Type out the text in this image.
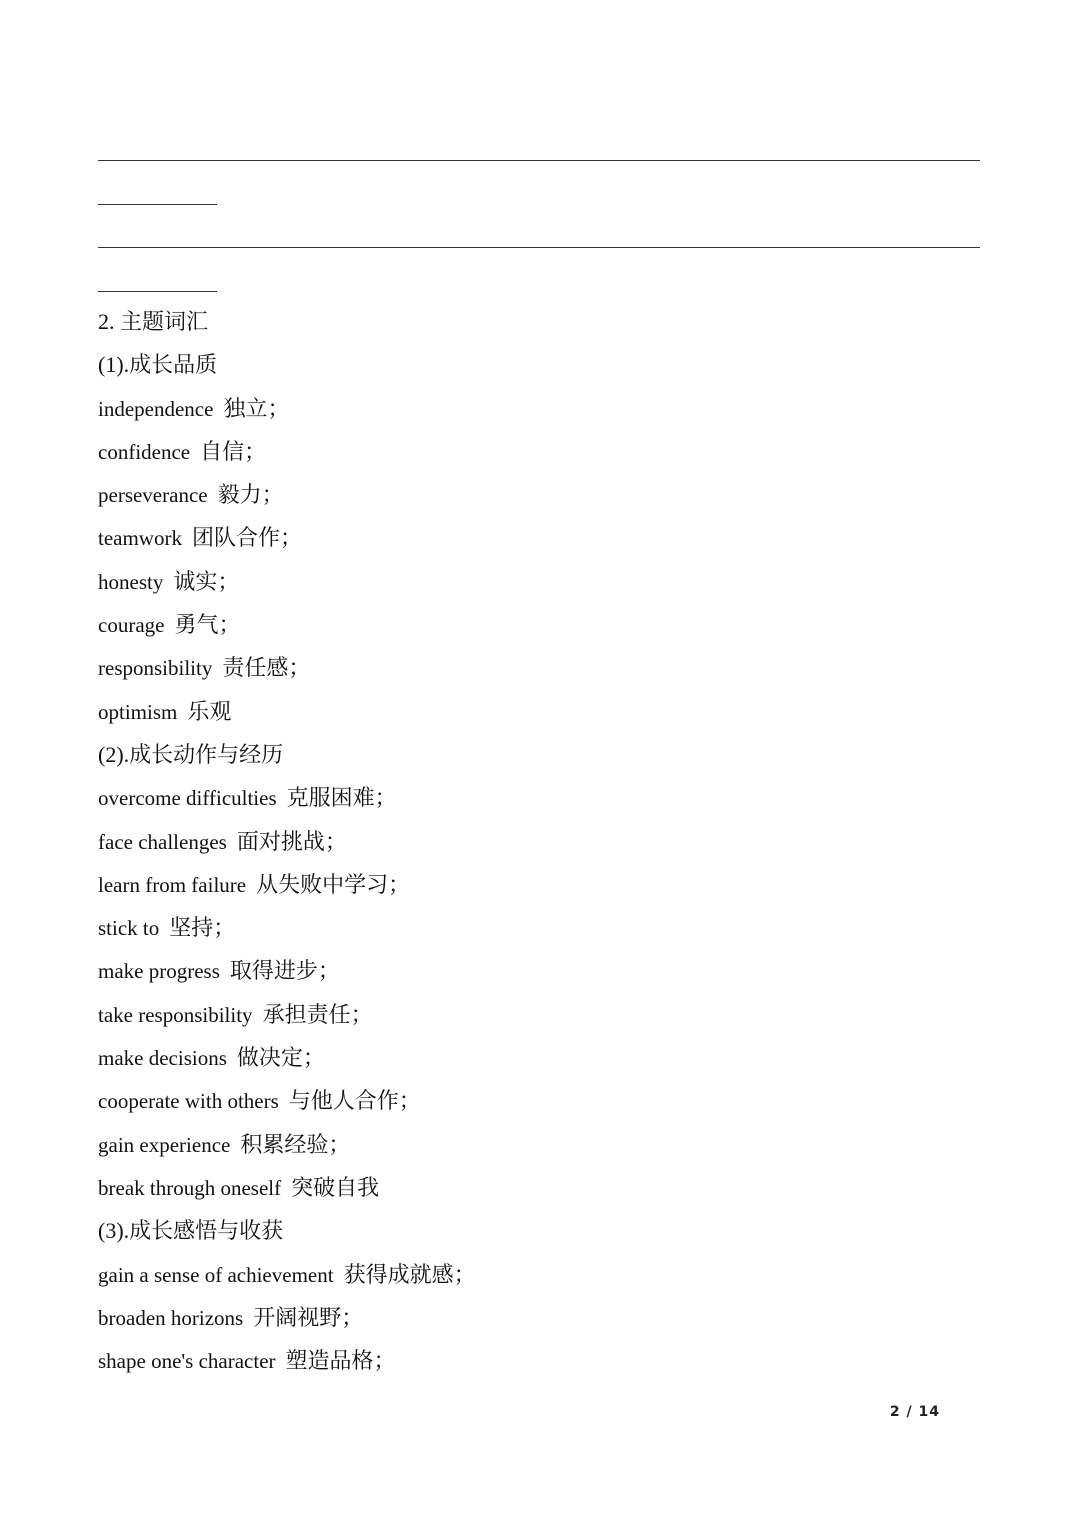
2. 主题词汇
(1).成长品质
independence 独立；
confidence 自信；
perseverance 毅力；
teamwork 团队合作；
honesty 诚实；
courage 勇气；
responsibility 责任感；
optimism 乐观
(2).成长动作与经历
overcome difficulties 克服困难；
face challenges 面对挑战；
learn from failure 从失败中学习；
stick to 坚持；
make progress 取得进步；
take responsibility 承担责任；
make decisions 做决定；
cooperate with others 与他人合作；
gain experience 积累经验；
break through oneself 突破自我
(3).成长感悟与收获
gain a sense of achievement 获得成就感；
broaden horizons 开阔视野；
shape one's character 塑造品格；
2 / 14
